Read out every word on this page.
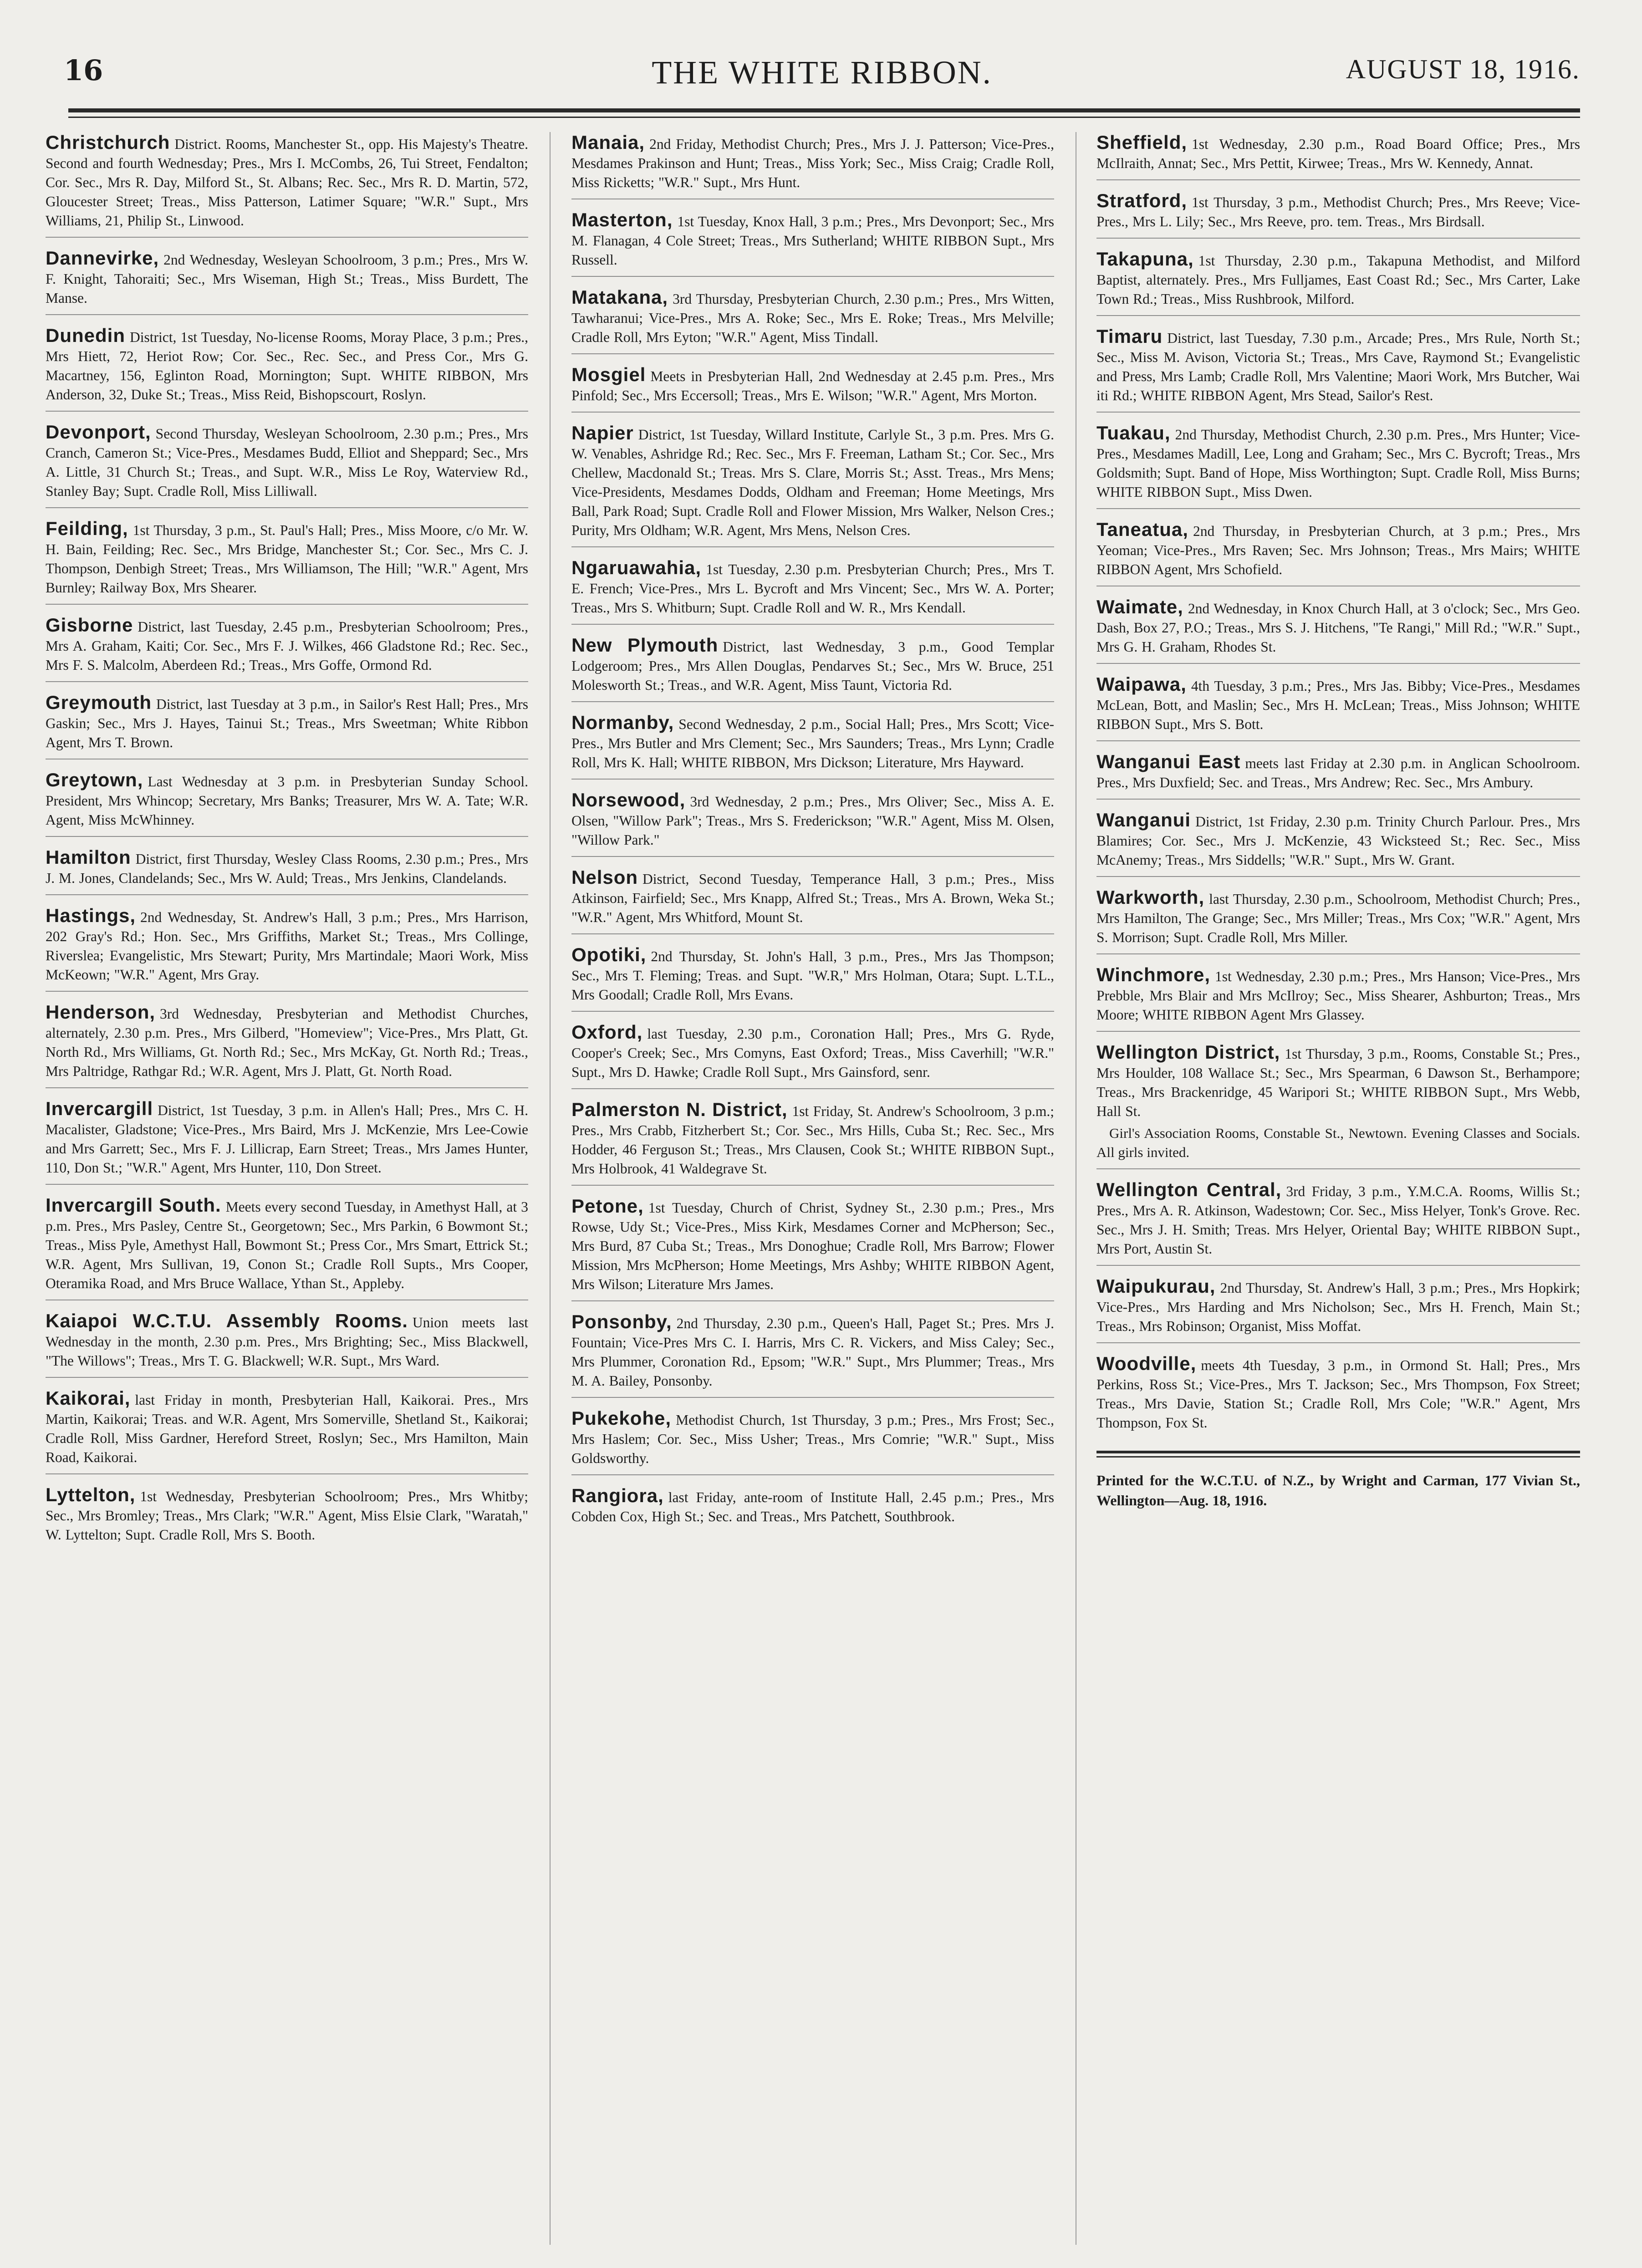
16	THE WHITE RIBBON.	AUGUST 18, 1916.
Christchurch District. Rooms, Manchester St., opp. His Majesty's Theatre. Second and fourth Wednesday; Pres., Mrs I. McCombs, 26, Tui Street, Fendalton; Cor. Sec., Mrs R. Day, Milford St., St. Albans; Rec. Sec., Mrs R. D. Martin, 572, Gloucester Street; Treas., Miss Patterson, Latimer Square; "W.R." Supt., Mrs Williams, 21, Philip St., Linwood.
Dannevirke, 2nd Wednesday, Wesleyan Schoolroom, 3 p.m.; Pres., Mrs W. F. Knight, Tahoraiti; Sec., Mrs Wiseman, High St.; Treas., Miss Burdett, The Manse.
Dunedin District, 1st Tuesday, No-license Rooms, Moray Place, 3 p.m.; Pres., Mrs Hiett, 72, Heriot Row; Cor. Sec., Rec. Sec., and Press Cor., Mrs G. Macartney, 156, Eglinton Road, Mornington; Supt. WHITE RIBBON, Mrs Anderson, 32, Duke St.; Treas., Miss Reid, Bishopscourt, Roslyn.
Devonport, Second Thursday, Wesleyan Schoolroom, 2.30 p.m.; Pres., Mrs Cranch, Cameron St.; Vice-Pres., Mesdames Budd, Elliot and Sheppard; Sec., Mrs A. Little, 31 Church St.; Treas., and Supt. W.R., Miss Le Roy, Waterview Rd., Stanley Bay; Supt. Cradle Roll, Miss Lilliwall.
Feilding, 1st Thursday, 3 p.m., St. Paul's Hall; Pres., Miss Moore, c/o Mr. W. H. Bain, Feilding; Rec. Sec., Mrs Bridge, Manchester St.; Cor. Sec., Mrs C. J. Thompson, Denbigh Street; Treas., Mrs Williamson, The Hill; "W.R." Agent, Mrs Burnley; Railway Box, Mrs Shearer.
Gisborne District, last Tuesday, 2.45 p.m., Presbyterian Schoolroom; Pres., Mrs A. Graham, Kaiti; Cor. Sec., Mrs F. J. Wilkes, 466 Gladstone Rd.; Rec. Sec., Mrs F. S. Malcolm, Aberdeen Rd.; Treas., Mrs Goffe, Ormond Rd.
Greymouth District, last Tuesday at 3 p.m., in Sailor's Rest Hall; Pres., Mrs Gaskin; Sec., Mrs J. Hayes, Tainui St.; Treas., Mrs Sweetman; White Ribbon Agent, Mrs T. Brown.
Greytown, Last Wednesday at 3 p.m. in Presbyterian Sunday School. President, Mrs Whincop; Secretary, Mrs Banks; Treasurer, Mrs W. A. Tate; W.R. Agent, Miss McWhinney.
Hamilton District, first Thursday, Wesley Class Rooms, 2.30 p.m.; Pres., Mrs J. M. Jones, Clandelands; Sec., Mrs W. Auld; Treas., Mrs Jenkins, Clandelands.
Hastings, 2nd Wednesday, St. Andrew's Hall, 3 p.m.; Pres., Mrs Harrison, 202 Gray's Rd.; Hon. Sec., Mrs Griffiths, Market St.; Treas., Mrs Collinge, Riverslea; Evangelistic, Mrs Stewart; Purity, Mrs Martindale; Maori Work, Miss McKeown; "W.R." Agent, Mrs Gray.
Henderson, 3rd Wednesday, Presbyterian and Methodist Churches, alternately, 2.30 p.m. Pres., Mrs Gilberd, "Homeview"; Vice-Pres., Mrs Platt, Gt. North Rd., Mrs Williams, Gt. North Rd.; Sec., Mrs McKay, Gt. North Rd.; Treas., Mrs Paltridge, Rathgar Rd.; W.R. Agent, Mrs J. Platt, Gt. North Road.
Invercargill District, 1st Tuesday, 3 p.m. in Allen's Hall; Pres., Mrs C. H. Macalister, Gladstone; Vice-Pres., Mrs Baird, Mrs J. McKenzie, Mrs Lee-Cowie and Mrs Garrett; Sec., Mrs F. J. Lillicrap, Earn Street; Treas., Mrs James Hunter, 110, Don St.; "W.R." Agent, Mrs Hunter, 110, Don Street.
Invercargill South. Meets every second Tuesday, in Amethyst Hall, at 3 p.m. Pres., Mrs Pasley, Centre St., Georgetown; Sec., Mrs Parkin, 6 Bowmont St.; Treas., Miss Pyle, Amethyst Hall, Bowmont St.; Press Cor., Mrs Smart, Ettrick St.; W.R. Agent, Mrs Sullivan, 19, Conon St.; Cradle Roll Supts., Mrs Cooper, Oteramika Road, and Mrs Bruce Wallace, Ythan St., Appleby.
Kaiapoi W.C.T.U. Assembly Rooms. Union meets last Wednesday in the month, 2.30 p.m. Pres., Mrs Brighting; Sec., Miss Blackwell, "The Willows"; Treas., Mrs T. G. Blackwell; W.R. Supt., Mrs Ward.
Kaikorai, last Friday in month, Presbyterian Hall, Kaikorai. Pres., Mrs Martin, Kaikorai; Treas. and W.R. Agent, Mrs Somerville, Shetland St., Kaikorai; Cradle Roll, Miss Gardner, Hereford Street, Roslyn; Sec., Mrs Hamilton, Main Road, Kaikorai.
Lyttelton, 1st Wednesday, Presbyterian Schoolroom; Pres., Mrs Whitby; Sec., Mrs Bromley; Treas., Mrs Clark; "W.R." Agent, Miss Elsie Clark, "Waratah," W. Lyttelton; Supt. Cradle Roll, Mrs S. Booth.
Manaia, 2nd Friday, Methodist Church; Pres., Mrs J. J. Patterson; Vice-Pres., Mesdames Prakinson and Hunt; Treas., Miss York; Sec., Miss Craig; Cradle Roll, Miss Ricketts; "W.R." Supt., Mrs Hunt.
Masterton, 1st Tuesday, Knox Hall, 3 p.m.; Pres., Mrs Devonport; Sec., Mrs M. Flanagan, 4 Cole Street; Treas., Mrs Sutherland; WHITE RIBBON Supt., Mrs Russell.
Matakana, 3rd Thursday, Presbyterian Church, 2.30 p.m.; Pres., Mrs Witten, Tawharanui; Vice-Pres., Mrs A. Roke; Sec., Mrs E. Roke; Treas., Mrs Melville; Cradle Roll, Mrs Eyton; "W.R." Agent, Miss Tindall.
Mosgiel Meets in Presbyterian Hall, 2nd Wednesday at 2.45 p.m. Pres., Mrs Pinfold; Sec., Mrs Eccersoll; Treas., Mrs E. Wilson; "W.R." Agent, Mrs Morton.
Napier District, 1st Tuesday, Willard Institute, Carlyle St., 3 p.m. Pres. Mrs G. W. Venables, Ashridge Rd.; Rec. Sec., Mrs F. Freeman, Latham St.; Cor. Sec., Mrs Chellew, Macdonald St.; Treas. Mrs S. Clare, Morris St.; Asst. Treas., Mrs Mens; Vice-Presidents, Mesdames Dodds, Oldham and Freeman; Home Meetings, Mrs Ball, Park Road; Supt. Cradle Roll and Flower Mission, Mrs Walker, Nelson Cres.; Purity, Mrs Oldham; W.R. Agent, Mrs Mens, Nelson Cres.
Ngaruawahia, 1st Tuesday, 2.30 p.m. Presbyterian Church; Pres., Mrs T. E. French; Vice-Pres., Mrs L. Bycroft and Mrs Vincent; Sec., Mrs W. A. Porter; Treas., Mrs S. Whitburn; Supt. Cradle Roll and W. R., Mrs Kendall.
New Plymouth District, last Wednesday, 3 p.m., Good Templar Lodgeroom; Pres., Mrs Allen Douglas, Pendarves St.; Sec., Mrs W. Bruce, 251 Molesworth St.; Treas., and W.R. Agent, Miss Taunt, Victoria Rd.
Normanby, Second Wednesday, 2 p.m., Social Hall; Pres., Mrs Scott; Vice-Pres., Mrs Butler and Mrs Clement; Sec., Mrs Saunders; Treas., Mrs Lynn; Cradle Roll, Mrs K. Hall; WHITE RIBBON, Mrs Dickson; Literature, Mrs Hayward.
Norsewood, 3rd Wednesday, 2 p.m.; Pres., Mrs Oliver; Sec., Miss A. E. Olsen, "Willow Park"; Treas., Mrs S. Frederickson; "W.R." Agent, Miss M. Olsen, "Willow Park."
Nelson District, Second Tuesday, Temperance Hall, 3 p.m.; Pres., Miss Atkinson, Fairfield; Sec., Mrs Knapp, Alfred St.; Treas., Mrs A. Brown, Weka St.; "W.R." Agent, Mrs Whitford, Mount St.
Opotiki, 2nd Thursday, St. John's Hall, 3 p.m., Pres., Mrs Jas Thompson; Sec., Mrs T. Fleming; Treas. and Supt. "W.R," Mrs Holman, Otara; Supt. L.T.L., Mrs Goodall; Cradle Roll, Mrs Evans.
Oxford, last Tuesday, 2.30 p.m., Coronation Hall; Pres., Mrs G. Ryde, Cooper's Creek; Sec., Mrs Comyns, East Oxford; Treas., Miss Caverhill; "W.R." Supt., Mrs D. Hawke; Cradle Roll Supt., Mrs Gainsford, senr.
Palmerston N. District, 1st Friday, St. Andrew's Schoolroom, 3 p.m.; Pres., Mrs Crabb, Fitzherbert St.; Cor. Sec., Mrs Hills, Cuba St.; Rec. Sec., Mrs Hodder, 46 Ferguson St.; Treas., Mrs Clausen, Cook St.; WHITE RIBBON Supt., Mrs Holbrook, 41 Waldegrave St.
Petone, 1st Tuesday, Church of Christ, Sydney St., 2.30 p.m.; Pres., Mrs Rowse, Udy St.; Vice-Pres., Miss Kirk, Mesdames Corner and McPherson; Sec., Mrs Burd, 87 Cuba St.; Treas., Mrs Donoghue; Cradle Roll, Mrs Barrow; Flower Mission, Mrs McPherson; Home Meetings, Mrs Ashby; WHITE RIBBON Agent, Mrs Wilson; Literature Mrs James.
Ponsonby, 2nd Thursday, 2.30 p.m., Queen's Hall, Paget St.; Pres. Mrs J. Fountain; Vice-Pres Mrs C. I. Harris, Mrs C. R. Vickers, and Miss Caley; Sec., Mrs Plummer, Coronation Rd., Epsom; "W.R." Supt., Mrs Plummer; Treas., Mrs M. A. Bailey, Ponsonby.
Pukekohe, Methodist Church, 1st Thursday, 3 p.m.; Pres., Mrs Frost; Sec., Mrs Haslem; Cor. Sec., Miss Usher; Treas., Mrs Comrie; "W.R." Supt., Miss Goldsworthy.
Rangiora, last Friday, ante-room of Institute Hall, 2.45 p.m.; Pres., Mrs Cobden Cox, High St.; Sec. and Treas., Mrs Patchett, Southbrook.
Sheffield, 1st Wednesday, 2.30 p.m., Road Board Office; Pres., Mrs McIlraith, Annat; Sec., Mrs Pettit, Kirwee; Treas., Mrs W. Kennedy, Annat.
Stratford, 1st Thursday, 3 p.m., Methodist Church; Pres., Mrs Reeve; Vice-Pres., Mrs L. Lily; Sec., Mrs Reeve, pro. tem. Treas., Mrs Birdsall.
Takapuna, 1st Thursday, 2.30 p.m., Takapuna Methodist, and Milford Baptist, alternately. Pres., Mrs Fulljames, East Coast Rd.; Sec., Mrs Carter, Lake Town Rd.; Treas., Miss Rushbrook, Milford.
Timaru District, last Tuesday, 7.30 p.m., Arcade; Pres., Mrs Rule, North St.; Sec., Miss M. Avison, Victoria St.; Treas., Mrs Cave, Raymond St.; Evangelistic and Press, Mrs Lamb; Cradle Roll, Mrs Valentine; Maori Work, Mrs Butcher, Wai iti Rd.; WHITE RIBBON Agent, Mrs Stead, Sailor's Rest.
Tuakau, 2nd Thursday, Methodist Church, 2.30 p.m. Pres., Mrs Hunter; Vice-Pres., Mesdames Madill, Lee, Long and Graham; Sec., Mrs C. Bycroft; Treas., Mrs Goldsmith; Supt. Band of Hope, Miss Worthington; Supt. Cradle Roll, Miss Burns; WHITE RIBBON Supt., Miss Dwen.
Taneatua, 2nd Thursday, in Presbyterian Church, at 3 p.m.; Pres., Mrs Yeoman; Vice-Pres., Mrs Raven; Sec. Mrs Johnson; Treas., Mrs Mairs; WHITE RIBBON Agent, Mrs Schofield.
Waimate, 2nd Wednesday, in Knox Church Hall, at 3 o'clock; Sec., Mrs Geo. Dash, Box 27, P.O.; Treas., Mrs S. J. Hitchens, "Te Rangi," Mill Rd.; "W.R." Supt., Mrs G. H. Graham, Rhodes St.
Waipawa, 4th Tuesday, 3 p.m.; Pres., Mrs Jas. Bibby; Vice-Pres., Mesdames McLean, Bott, and Maslin; Sec., Mrs H. McLean; Treas., Miss Johnson; WHITE RIBBON Supt., Mrs S. Bott.
Wanganui East meets last Friday at 2.30 p.m. in Anglican Schoolroom. Pres., Mrs Duxfield; Sec. and Treas., Mrs Andrew; Rec. Sec., Mrs Ambury.
Wanganui District, 1st Friday, 2.30 p.m. Trinity Church Parlour. Pres., Mrs Blamires; Cor. Sec., Mrs J. McKenzie, 43 Wicksteed St.; Rec. Sec., Miss McAnemy; Treas., Mrs Siddells; "W.R." Supt., Mrs W. Grant.
Warkworth, last Thursday, 2.30 p.m., Schoolroom, Methodist Church; Pres., Mrs Hamilton, The Grange; Sec., Mrs Miller; Treas., Mrs Cox; "W.R." Agent, Mrs S. Morrison; Supt. Cradle Roll, Mrs Miller.
Winchmore, 1st Wednesday, 2.30 p.m.; Pres., Mrs Hanson; Vice-Pres., Mrs Prebble, Mrs Blair and Mrs McIlroy; Sec., Miss Shearer, Ashburton; Treas., Mrs Moore; WHITE RIBBON Agent Mrs Glassey.
Wellington District, 1st Thursday, 3 p.m., Rooms, Constable St.; Pres., Mrs Houlder, 108 Wallace St.; Sec., Mrs Spearman, 6 Dawson St., Berhampore; Treas., Mrs Brackenridge, 45 Waripori St.; WHITE RIBBON Supt., Mrs Webb, Hall St.
Girl's Association Rooms, Constable St., Newtown. Evening Classes and Socials. All girls invited.
Wellington Central, 3rd Friday, 3 p.m., Y.M.C.A. Rooms, Willis St.; Pres., Mrs A. R. Atkinson, Wadestown; Cor. Sec., Miss Helyer, Tonk's Grove. Rec. Sec., Mrs J. H. Smith; Treas. Mrs Helyer, Oriental Bay; WHITE RIBBON Supt., Mrs Port, Austin St.
Waipukurau, 2nd Thursday, St. Andrew's Hall, 3 p.m.; Pres., Mrs Hopkirk; Vice-Pres., Mrs Harding and Mrs Nicholson; Sec., Mrs H. French, Main St.; Treas., Mrs Robinson; Organist, Miss Moffat.
Woodville, meets 4th Tuesday, 3 p.m., in Ormond St. Hall; Pres., Mrs Perkins, Ross St.; Vice-Pres., Mrs T. Jackson; Sec., Mrs Thompson, Fox Street; Treas., Mrs Davie, Station St.; Cradle Roll, Mrs Cole; "W.R." Agent, Mrs Thompson, Fox St.
Printed for the W.C.T.U. of N.Z., by Wright and Carman, 177 Vivian St., Wellington—Aug. 18, 1916.
